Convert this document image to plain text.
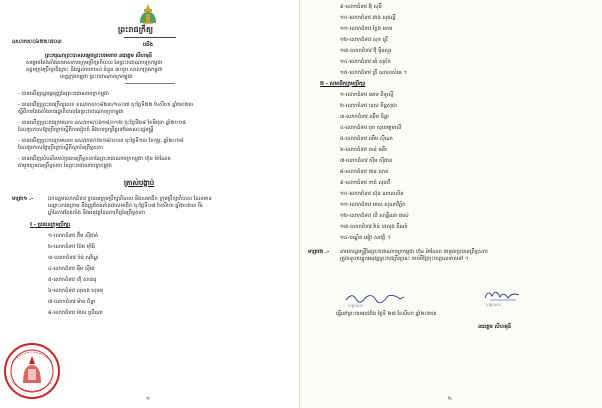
ព្រះរាជក្រឹត្យ
នស/រកត/០៦២២/៧០៣	យើង
ព្រះករុណាព្រះបាទសម្តេចព្រះបរមនាថ នរោត្តម សីហមុនី
សម្រេចតែងតាំងសមាសភាពក្រុមប្រឹក្សាភិបាល នៃព្រះរាជាណាចក្រកម្ពុជា
ឧត្តមក្រុមប្រឹក្សាពិគ្រោះ និងផ្តល់យោបល់ ចំនួន ៣០រូប សាលាក្រុងកម្ពុជា
ខេត្តក្រុងកម្ពុជា ព្រះរាជាណាចក្រកម្ពុជា
- បានឃើញរដ្ឋធម្មនុញ្ញនៃព្រះរាជាណាចក្រកម្ពុជា
- បានឃើញព្រះរាជក្រឹត្យលេខ នស/រកត/០៨២៣/១៤០៧ ចុះថ្ងៃទី២២ ខែសីហា ឆ្នាំ២០២៣
ស្តីពីការតែងតាំងរាជរដ្ឋាភិបាលនៃព្រះរាជាណាចក្រកម្ពុជា
- បានឃើញព្រះរាជក្រមលេខ នស/រកម/០៦១៨/០១២ ចុះថ្ងៃទី២៨ ខែមិថុនា ឆ្នាំ២០១៨
ដែលប្រកាសឱ្យប្រើច្បាប់ស្តីពីការរៀបចំ និងការប្រព្រឹត្តទៅនៃគណៈរដ្ឋមន្ត្រី
- បានឃើញព្រះរាជក្រមលេខ នស/រកម/០២១៨/០០៣ ចុះថ្ងៃទី១៣ ខែកុម្ភៈ ឆ្នាំ២០១៨
ដែលប្រកាសឱ្យប្រើច្បាប់ស្តីពីស្ថាប័នព្រឹទ្ធសភា
- បានឃើញសំណើរបស់ប្រធានព្រឹទ្ធសភានៃព្រះរាជាណាចក្រកម្ពុជា ហ៊ុន ម៉ាណែត
ជាមួយប្រធានព្រឹទ្ធសភា នៃព្រះរាជាណាចក្រកម្ពុជា
ត្រាស់បង្គាប់
មាត្រា១ .-	ឯកឧត្តមលោកជំទាវ ប្រធានក្រុមប្រឹក្សាភិបាល និងសមាជិក ក្រុមប្រឹក្សាភិបាល ដែលមាន
ឈ្មោះខាងក្រោម នឹងត្រូវតែងតាំងជាសមាជិក ចុះថ្ងៃទី០៧ ខែសីហា ឆ្នាំ២០២៣ ពីរ
ឆ្នាំនៃការតែងតាំង និងអនុវត្តដែនភារកិច្ចនៃព្រឹទ្ធសភា
I - ប្រធានក្រុមប្រឹក្សា
១-លោកជំទាវ ភ៊ីម ស៊ីថាត់
២-លោកជំទាវ ប៉ែម ម៉ាំរ៉ែ
៣-លោកជំទាវ ប៉ន់ សុវិណ្ឌ
៤-លោកជំទាវ អុីម ស៊ីថេ
៥-លោកជំទាវ ហ៊ុំ សាន់ធុ
៦-លោកជំទាវ សុខេង ហុមមុ
៧-លោកជំទាវ ម៉ាន ចិន្ដា
៨-លោកជំទាវ ម៉ាស ស្រីណា
១
៩-លោកជំទាវ អ៊ុំ សុធី
១០-លោកជំទាវ ជាង សុផល្លី
១១-លោកជំទាវ កែ្លង មករា
១២-លោកជំទាវ សុខ ធូរី
១៣-លោកជំទាវ ប៊ុំ ម៉ិនសួរ
១៤-លោកជំទាវ អាំ សុភ័ក
១៥-លោកជំទាវ គ្រី ណាលសំអេ ។
II - សមាជិកក្រុមប្រឹក្សា
១-លោកជំទាវ អោម ពិទូរស្មី
២-លោកជំទាវ ទេស ចិន្តសុធា
៣-លោកជំទាវ ឈឹម ចិន្តា
៤-លោកជំទាវ បុក សុបរម្យមាលី
៥-លោកជំទាវ ឈឹម ស៊ីណា
៦-លោកជំទាវ ចាន់ មនីរ
៧-លោកជំទាវ ស៊ីម ស៊ីផាន
៨-លោកជំទាវ ជាន សាត
៩-លោកជំទាវ ខាត់ សុធាវី
១០-លោកជំទាវ ស៊ុន ណាលលិន
១១-លោកជំទាវ មាស សុណាវិភ្ល័ក
១២-លោកជំទាវ ស៊ំ សាន្ដីណា ផាស់
១៣-លោកជំទាវ វ៉ាន់ បាលុង ធីណាំ
១៤-បណ្ឌិត អៀវ សាវត្ថិ ។
មាត្រា២ .- នាយករដ្ឋមន្ត្រីនៃព្រះរាជាណាចក្រកម្ពុជា ហ៊ុន ម៉ាណែត ជាមួយប្រធានព្រឹទ្ធសភា
ត្រូវទទួលបន្ទុកអនុវត្តព្រះរាជក្រឹត្យនេះ ចាប់ពីថ្ងៃចុះហត្ថលេខាតទៅ ។
ហត្ថលេខា
ធ្វើនៅព្រះបរមរាជវាំង ថ្ងៃទី ២៧ ខែសីហា ឆ្នាំ២០២៣
ហត្ថលេខា
នរោត្តម សីហមុនី
២
